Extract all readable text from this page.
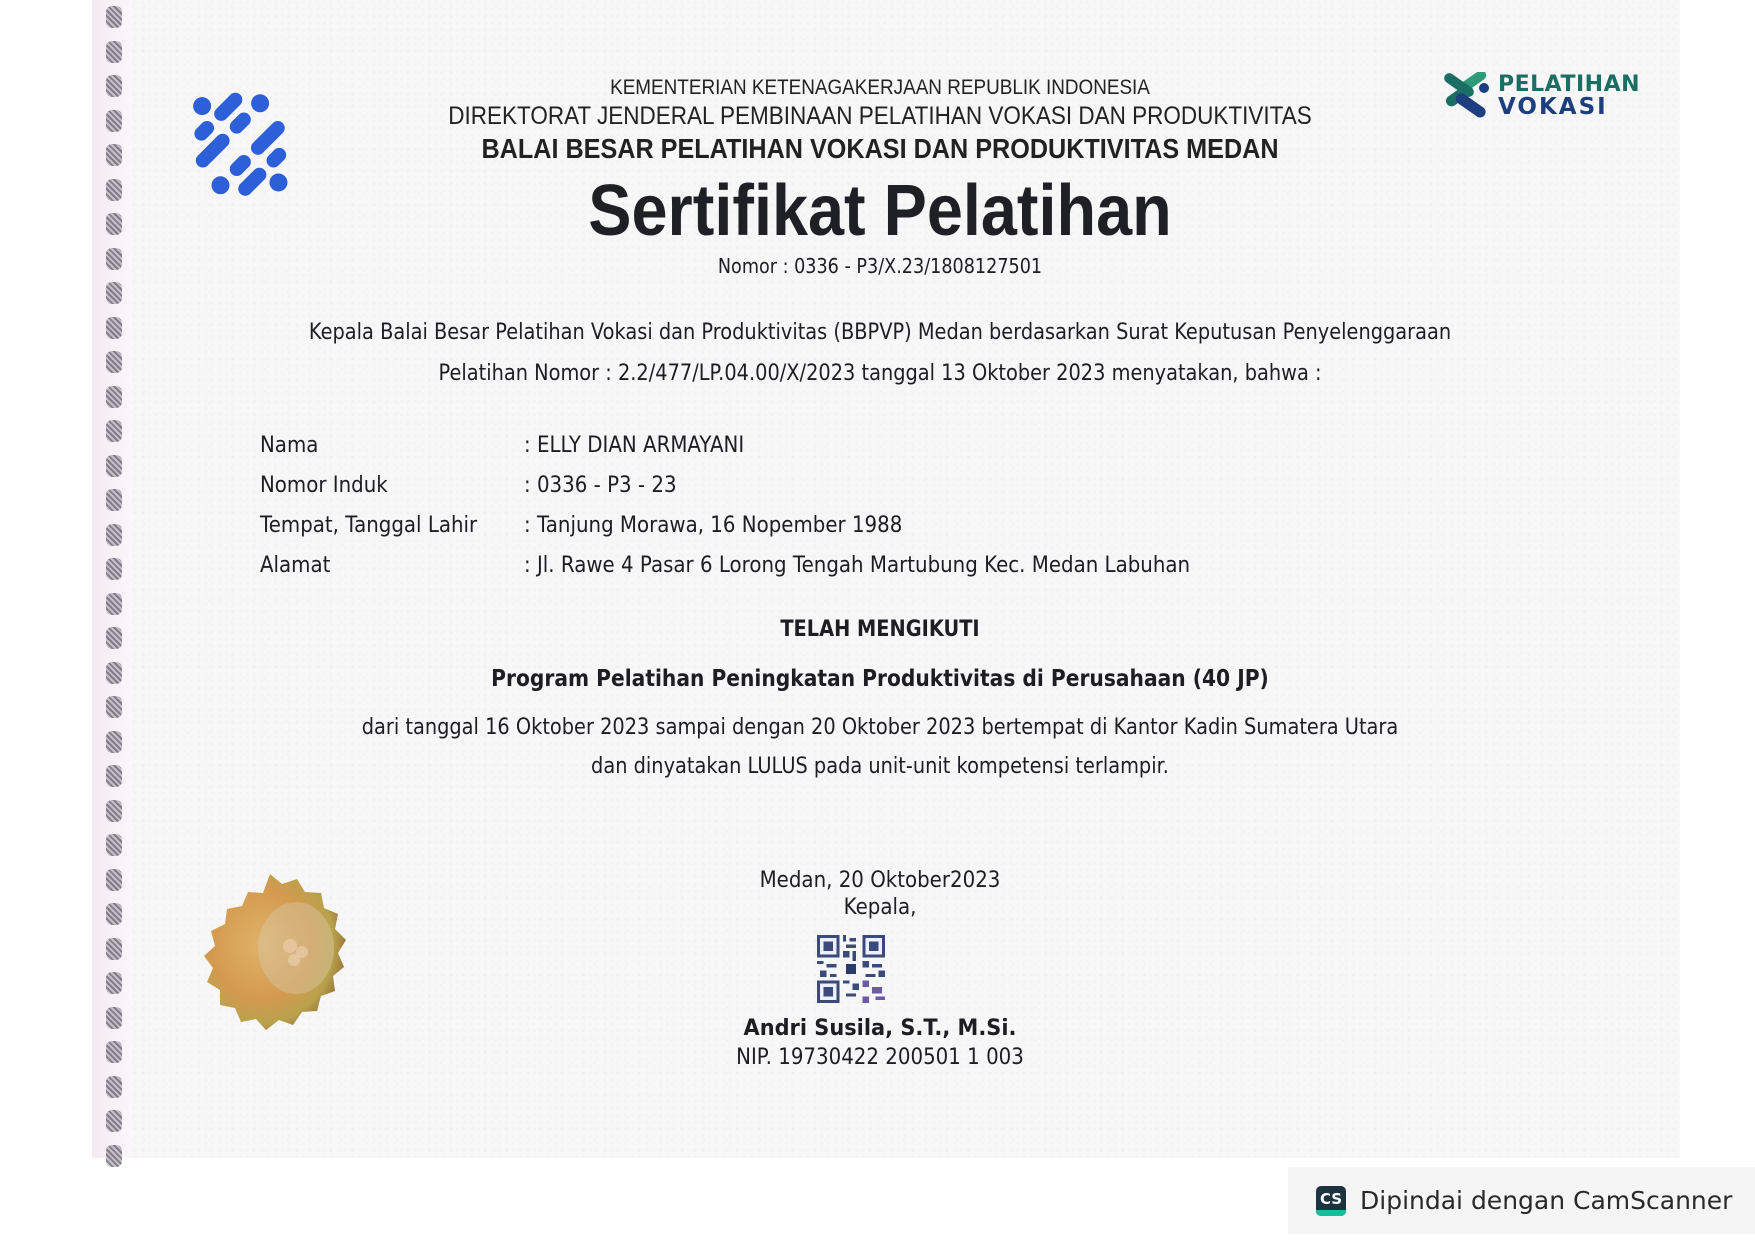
PELATIHAN
VOKASI
KEMENTERIAN KETENAGAKERJAAN REPUBLIK INDONESIA
DIREKTORAT JENDERAL PEMBINAAN PELATIHAN VOKASI DAN PRODUKTIVITAS
BALAI BESAR PELATIHAN VOKASI DAN PRODUKTIVITAS MEDAN
Sertifikat Pelatihan
Nomor : 0336 - P3/X.23/1808127501
Kepala Balai Besar Pelatihan Vokasi dan Produktivitas (BBPVP) Medan berdasarkan Surat Keputusan Penyelenggaraan
Pelatihan Nomor : 2.2/477/LP.04.00/X/2023 tanggal 13 Oktober 2023 menyatakan, bahwa :
Nama	: ELLY DIAN ARMAYANI
Nomor Induk	: 0336 - P3 - 23
Tempat, Tanggal Lahir	: Tanjung Morawa, 16 Nopember 1988
Alamat	: Jl. Rawe 4 Pasar 6 Lorong Tengah Martubung Kec. Medan Labuhan
TELAH MENGIKUTI
Program Pelatihan Peningkatan Produktivitas di Perusahaan (40 JP)
dari tanggal 16 Oktober 2023 sampai dengan 20 Oktober 2023 bertempat di Kantor Kadin Sumatera Utara
dan dinyatakan LULUS pada unit-unit kompetensi terlampir.
Medan, 20 Oktober2023
Kepala,
Andri Susila, S.T., M.Si.
NIP. 19730422 200501 1 003
CS Dipindai dengan CamScanner
